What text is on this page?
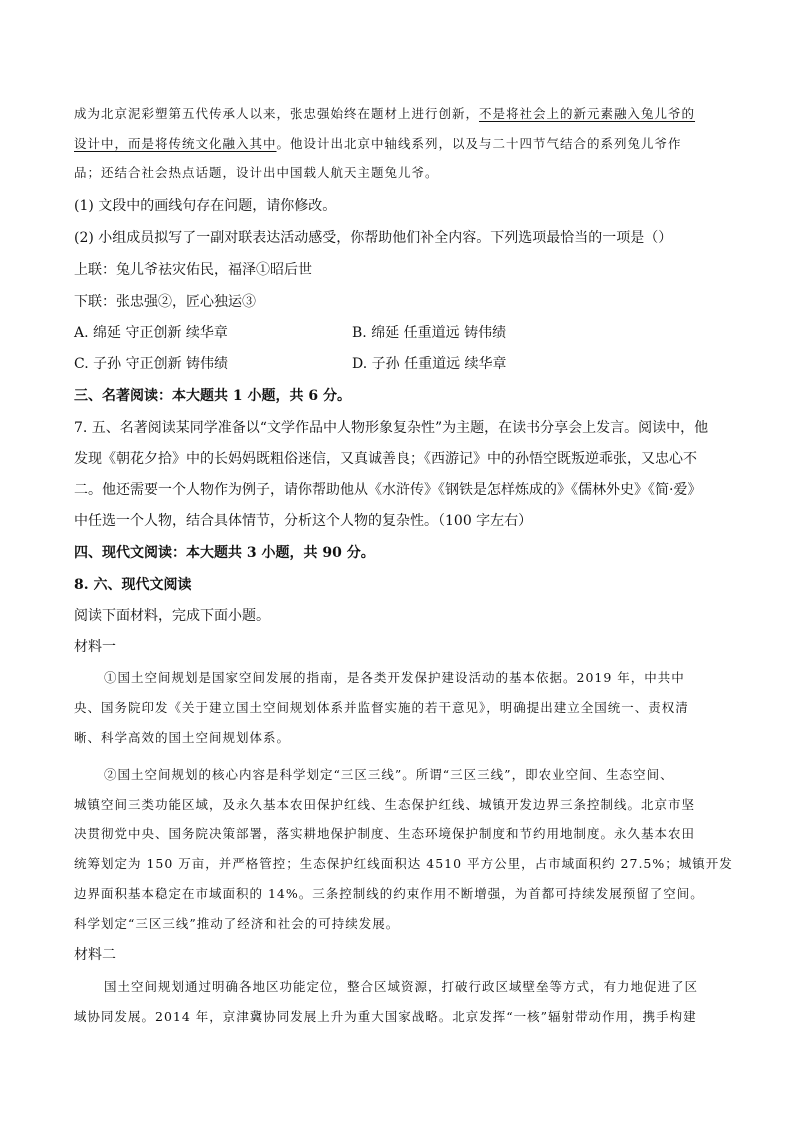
成为北京泥彩塑第五代传承人以来，张忠强始终在题材上进行创新，不是将社会上的新元素融入兔儿爷的
设计中，而是将传统文化融入其中。他设计出北京中轴线系列，以及与二十四节气结合的系列兔儿爷作
品；还结合社会热点话题，设计出中国载人航天主题兔儿爷。
(1) 文段中的画线句存在问题，请你修改。
(2) 小组成员拟写了一副对联表达活动感受，你帮助他们补全内容。下列选项最恰当的一项是（）
上联：兔儿爷祛灾佑民，福泽①昭后世
下联：张忠强②，匠心独运③
A. 绵延 守正创新 续华章	B. 绵延 任重道远 铸伟绩
C. 子孙 守正创新 铸伟绩	D. 子孙 任重道远 续华章
三、名著阅读：本大题共 1 小题，共 6 分。
7. 五、名著阅读某同学准备以“文学作品中人物形象复杂性”为主题，在读书分享会上发言。阅读中，他
发现《朝花夕拾》中的长妈妈既粗俗迷信，又真诚善良；《西游记》中的孙悟空既叛逆乖张，又忠心不
二。他还需要一个人物作为例子，请你帮助他从《水浒传》《钢铁是怎样炼成的》《儒林外史》《简·爱》
中任选一个人物，结合具体情节，分析这个人物的复杂性。（100 字左右）
四、现代文阅读：本大题共 3 小题，共 90 分。
8. 六、现代文阅读
阅读下面材料，完成下面小题。
材料一
①国土空间规划是国家空间发展的指南，是各类开发保护建设活动的基本依据。2019 年，中共中
央、国务院印发《关于建立国土空间规划体系并监督实施的若干意见》，明确提出建立全国统一、责权清
晰、科学高效的国土空间规划体系。
②国土空间规划的核心内容是科学划定“三区三线”。所谓“三区三线”，即农业空间、生态空间、
城镇空间三类功能区域，及永久基本农田保护红线、生态保护红线、城镇开发边界三条控制线。北京市坚
决贯彻党中央、国务院决策部署，落实耕地保护制度、生态环境保护制度和节约用地制度。永久基本农田
统筹划定为 150 万亩，并严格管控；生态保护红线面积达 4510 平方公里，占市域面积约 27.5%；城镇开发
边界面积基本稳定在市域面积的 14%。三条控制线的约束作用不断增强，为首都可持续发展预留了空间。
科学划定“三区三线”推动了经济和社会的可持续发展。
材料二
国土空间规划通过明确各地区功能定位，整合区域资源，打破行政区域壁垒等方式，有力地促进了区
域协同发展。2014 年，京津冀协同发展上升为重大国家战略。北京发挥“一核”辐射带动作用，携手构建
